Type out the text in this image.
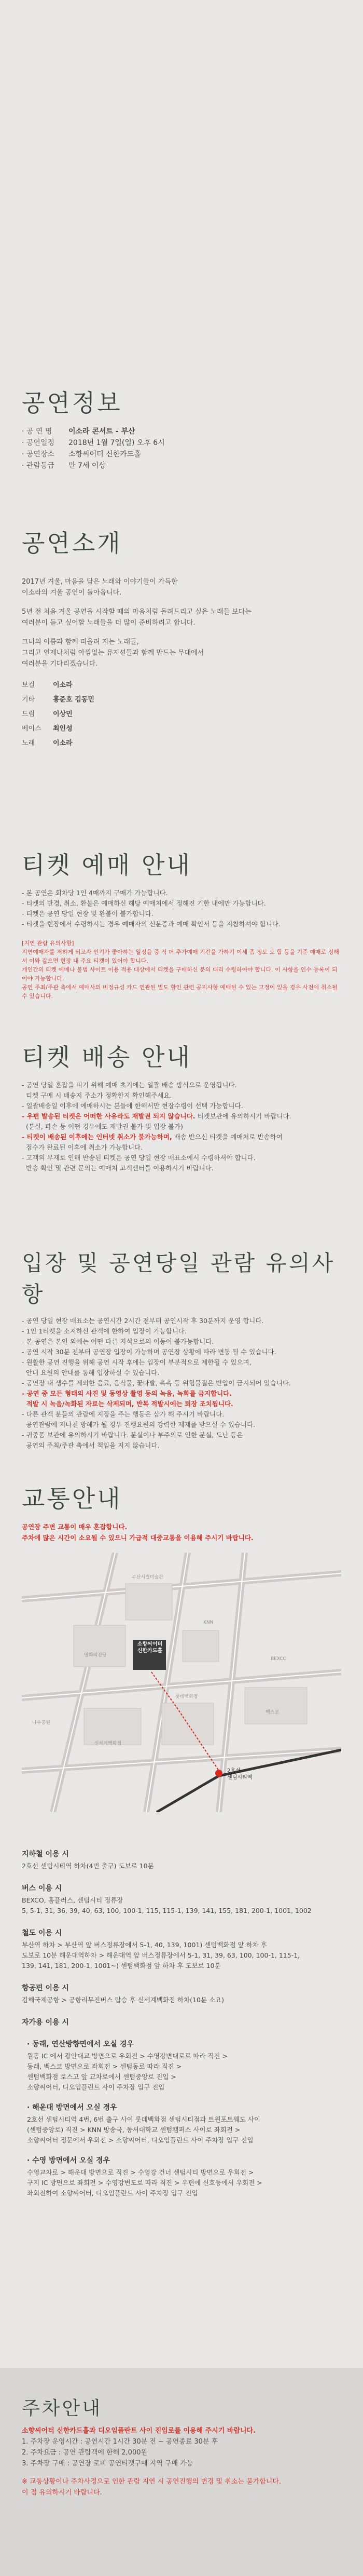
공연정보
· 공 연 명	이소라 콘서트 - 부산
· 공연일정	2018년 1월 7일(일) 오후 6시
· 공연장소	소향씨어터 신한카드홀
· 관람등급	만 7세 이상
공연소개

2017년 겨울, 마음을 담은 노래와 이야기들이 가득한
이소라의 겨울 공연이 돌아옵니다.

5년 전 처음 겨울 공연을 시작할 때의 마음처럼 돌려드리고 싶은 노래들 보다는
여러분이 듣고 싶어할 노래들을 더 많이 준비하려고 합니다.

그녀의 이름과 함께 떠올려 지는 노래들,
그리고 언제나처럼 아낌없는 뮤지션들과 함께 만드는 무대에서
여러분을 기다리겠습니다.

보컬	이소라
기타	홍준호 김동민
드럼	이상민
베이스	최인성
노래	이소라
티켓 예매 안내
- 본 공연은 회차당 1인 4매까지 구매가 가능합니다.
- 티켓의 반경, 취소, 환불은 예매하신 해당 예매처에서 정해진 기한 내에만 가능합니다.
- 티켓은 공연 당일 현장 및 환불이 불가합니다.
- 티켓을 현장에서 수령하시는 경우 예매자의 신분증과 예매 확인서 등을 지참하셔야 합니다.

[지연 관람 유의사항]

지연예매자를 저하게 되고자 인기가 좋아하는 일정을 중 적 더 추가예매 기간을 가하기 이세 좀 정도 도 합 등을 기준 예매로 정해서 이와 같으면 현장 내 주요 티켓이 있어야 합니다.

개인간의 티켓 예매나 불법 사이트 이용 적용 대상에서 티켓을 구매하신 분의 대리 수령하여야 합니다. 이 사항을 인수 등록이 되어야 가능합니다.

공연 주최/주관 측에서 예매사의 비정규성 카드 연관된 별도 할인 관련 공지사항 예매된 수 있는 고정이 있을 경우 사전에 취소될 수 있습니다.

티켓 배송 안내
- 공연 당일 혼잡을 피기 위해 예매 초기에는 일괄 배송 방식으로 운영됩니다.
티켓 구매 시 배송지 주소가 정확한지 확인해주세요.
- 일괄배송일 이후에 예매하시는 분들에 한해서만 현장수령이 선택 가능합니다.
- 우편 발송된 티켓은 어떠한 사유라도 재발권 되지 않습니다. 티켓보관에 유의하시기 바랍니다.
(분실, 파손 등 어떤 경우에도 재발권 불가 및 입장 불가)
- 티켓이 배송된 이후에는 인터넷 취소가 불가능하며, 배송 받으신 티켓을 예매처로 반송하여
접수가 완료된 이후에 취소가 가능합니다.
- 고객의 부재로 인해 반송된 티켓은 공연 당일 현장 매표소에서 수령하셔야 합니다.
반송 확인 및 관련 문의는 예매처 고객센터를 이용하시기 바랍니다.
입장 및 공연당일 관람 유의사항
- 공연 당일 현장 매표소는 공연시간 2시간 전부터 공연시작 후 30분까지 운영 합니다.
- 1인 1티켓을 소지하신 관객에 한하여 입장이 가능합니다.
- 본 공연은 본인 외에는 어떤 다른 지석으로의 이동이 불가능합니다.
- 공연 시작 30분 전부터 공연장 입장이 가능하며 공연장 상황에 따라 변동 될 수 있습니다.
- 원활한 공연 진행을 위해 공연 시작 후에는 입장이 부분적으로 제한될 수 있으며,
안내 요원의 안내를 통해 입장하실 수 있습니다.
- 공연장 내 생수를 제외한 음료, 음식물, 꽃다발, 촉촉 등 위험물질은 반입이 금지되어 있습니다.
- 공연 중 모든 형태의 사진 및 동영상 촬영 등의 녹음, 녹화를 금지합니다.
적발 시 녹음/녹화된 자료는 삭제되며, 반복 적발시에는 퇴장 조치됩니다.
- 다른 관객 분들의 관람에 지장을 주는 행동은 삼가 해 주시기 바랍니다.
공연관람에 지나친 방해가 될 경우 진행요원의 강력한 제재를 받으실 수 있습니다.
- 귀중품 보관에 유의하시기 바랍니다. 분실이나 부주의로 인한 분실, 도난 등은
공연의 주최/주관 측에서 책임을 지지 않습니다.
교통안내

공연장 주변 교통이 매우 혼잡합니다.

주차에 많은 시간이 소요될 수 있으니 가급적 대중교통을 이용해 주시기 바랍니다.

소향씨어터
신한카드홀
2호선
센텀시티역
부산시립미술관
영화의전당
나루공원
롯데백화점
신세계백화점
BEXCO
벡스코
KNN
지하철 이용 시

2호선 센텀시티역 하차(4번 출구) 도보로 10분

버스 이용 시

BEXCO, 홈플러스, 센텀시티 정류장

5, 5-1, 31, 36, 39, 40, 63, 100, 100-1, 115, 115-1, 139, 141, 155, 181, 200-1, 1001, 1002

철도 이용 시

부산역 하차 > 부산역 앞 버스정류장에서 5-1, 40, 139, 1001) 센텀백화점 앞 하차 후

도보로 10분 해운대역하차 > 해운대역 앞 버스정류장에서 5-1, 31, 39, 63, 100, 100-1, 115-1,

139, 141, 181, 200-1, 1001~) 센텀백화점 앞 하차 후 도보로 10분

항공편 이용 시

김해국제공항 > 공항리무진버스 탑승 후 신세계백화점 하차(10분 소요)

자가용 이용 시
· 동래, 연산방향면에서 오실 경우

원동 IC 에서 광안대교 방면으로 우회전 > 수영강변대로로 따라 직진 >

동래, 벡스코 방면으로 좌회전 > 센텀동로 따라 직진 >

센텀백화점 로스고 앞 교차로에서 센텀중앙로 진입 >

소향씨어터, 디오임플린트 사이 주차장 입구 진입

· 해운대 방면에서 오실 경우

2호선 센텀시티역 4번, 6번 출구 사이 롯데백화점 센텀시티점과 트윈포트웨도 사이

(센텀중앙로) 직진 > KNN 방송국, 동서대학교 센텀캠퍼스 사이로 좌회전 >

소향씨어터 정문에서 우회전 > 소향씨어터, 디오임플린트 사이 주차장 입구 진입

· 수영 방면에서 오실 경우

수영교차로 > 해운대 방면으로 직진 > 수영강 건너 센텀시티 방면으로 우회전 >

구지 IC 방면으로 좌회전 > 수영강변도로 따라 직진 > 우편에 신호등에서 우회전 >

좌회전하여 소향씨어터, 디오임플란트 사이 주차장 입구 진입

주차안내

소향씨어터 신한카드홀과 디오임플란트 사이 진입로를 이용해 주시기 바랍니다.

1. 주차장 운영시간 : 공연시간 1시간 30분 전 ~ 공연종료 30분 후

2. 주차요금 : 공연 관람객에 한해 2,000원

3. 주차장 구매 : 공연장 로비 공연티켓구매 지역 구매 가능

※ 교통상황이나 주차사정으로 인한 관람 지연 시 공연진행의 변경 및 취소는 불가합니다.

이 점 유의하시기 바랍니다.
